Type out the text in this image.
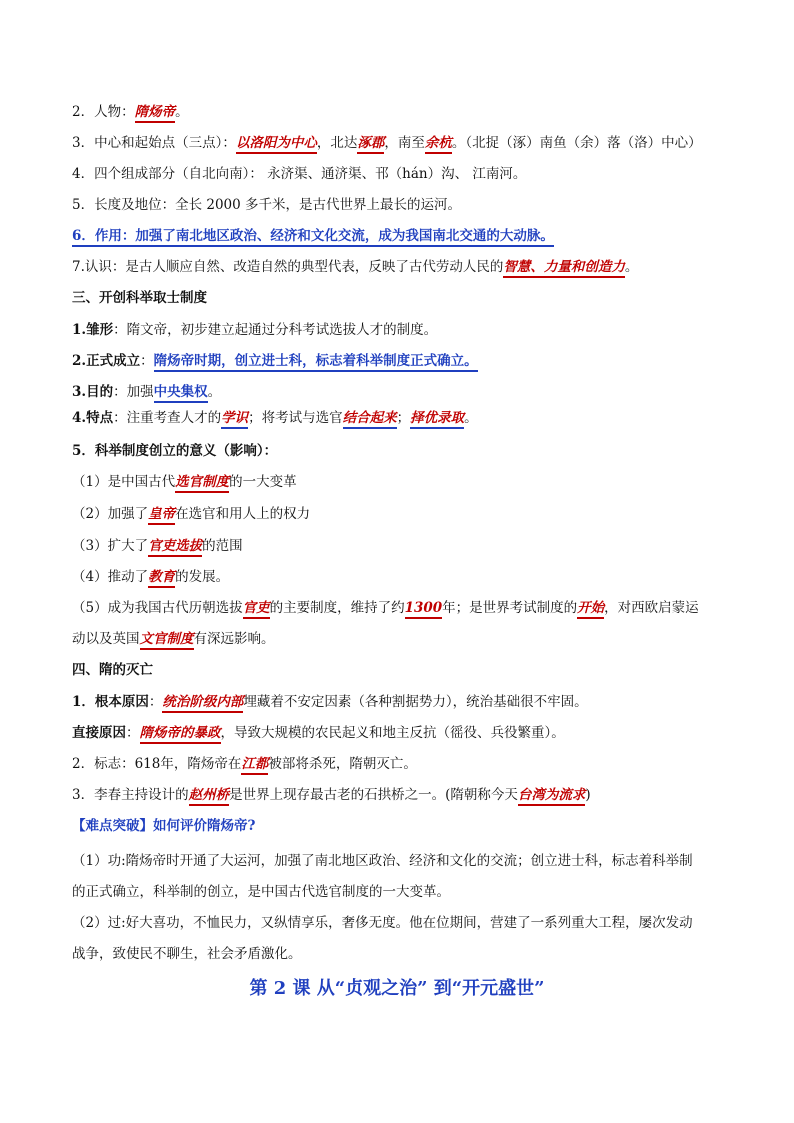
2．人物：隋炀帝。
3．中心和起始点（三点）：以洛阳为中心，北达涿郡，南至余杭。（北捉（涿）南鱼（余）落（洛）中心）
4．四个组成部分（自北向南）： 永济渠、通济渠、邗（hán）沟、 江南河。
5．长度及地位：全长 2000 多千米，是古代世界上最长的运河。
6．作用：加强了南北地区政治、经济和文化交流，成为我国南北交通的大动脉。
7.认识：是古人顺应自然、改造自然的典型代表，反映了古代劳动人民的智慧、力量和创造力。
三、开创科举取士制度
1.雏形：隋文帝，初步建立起通过分科考试选拔人才的制度。
2.正式成立：隋炀帝时期，创立进士科，标志着科举制度正式确立。
3.目的：加强中央集权。
4.特点：注重考查人才的学识；将考试与选官结合起来；择优录取。
5．科举制度创立的意义（影响）：
（1）是中国古代选官制度的一大变革
（2）加强了皇帝在选官和用人上的权力
（3）扩大了官吏选拔的范围
（4）推动了教育的发展。
（5）成为我国古代历朝选拔官吏的主要制度，维持了约1300年；是世界考试制度的开始，对西欧启蒙运
动以及英国文官制度有深远影响。
四、隋的灭亡
1．根本原因：统治阶级内部埋藏着不安定因素（各种割据势力），统治基础很不牢固。
直接原因：隋炀帝的暴政，导致大规模的农民起义和地主反抗（徭役、兵役繁重）。
2．标志：618年，隋炀帝在江都被部将杀死，隋朝灭亡。
3．李春主持设计的赵州桥是世界上现存最古老的石拱桥之一。(隋朝称今天台湾为流求)
【难点突破】如何评价隋炀帝?
（1）功:隋炀帝时开通了大运河，加强了南北地区政治、经济和文化的交流；创立进士科，标志着科举制
的正式确立，科举制的创立，是中国古代选官制度的一大变革。
（2）过:好大喜功，不恤民力，又纵情享乐，奢侈无度。他在位期间，营建了一系列重大工程，屡次发动
战争，致使民不聊生，社会矛盾激化。
第 2 课 从“贞观之治” 到“开元盛世”
